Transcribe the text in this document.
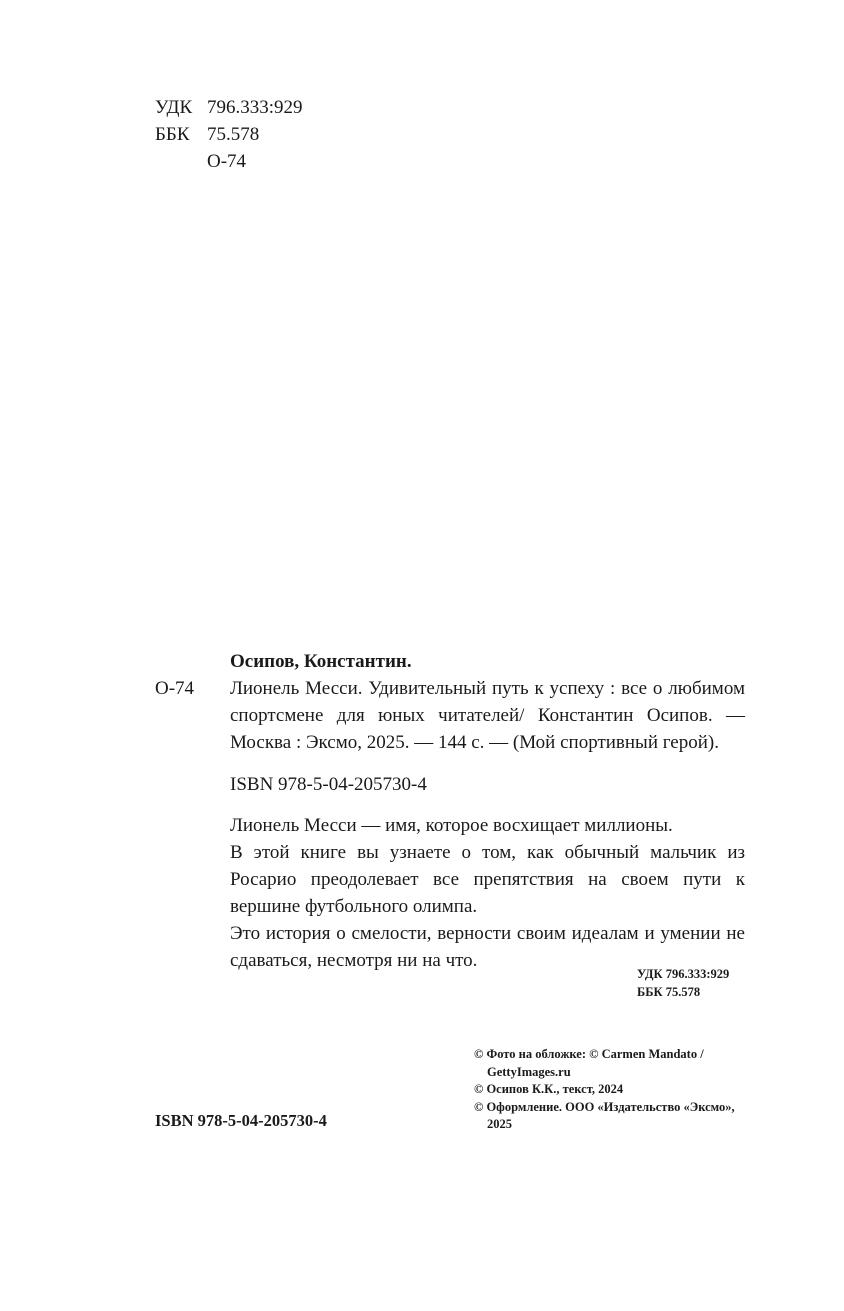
УДК 796.333:929
ББК 75.578
О-74
Осипов, Константин.
О-74 Лионель Месси. Удивительный путь к успеху : все о любимом спортсмене для юных читателей/ Константин Осипов. — Москва : Эксмо, 2025. — 144 с. — (Мой спортивный герой).
ISBN 978-5-04-205730-4

Лионель Месси — имя, которое восхищает миллионы.

В этой книге вы узнаете о том, как обычный мальчик из Росарио преодолевает все препятствия на своем пути к вершине футбольного олимпа.

Это история о смелости, верности своим идеалам и умении не сдаваться, несмотря ни на что.

УДК 796.333:929
ББК 75.578
© Фото на обложке: © Carmen Mandato / GettyImages.ru
© Осипов К.К., текст, 2024
© Оформление. ООО «Издательство «Эксмо», 2025
ISBN 978-5-04-205730-4
